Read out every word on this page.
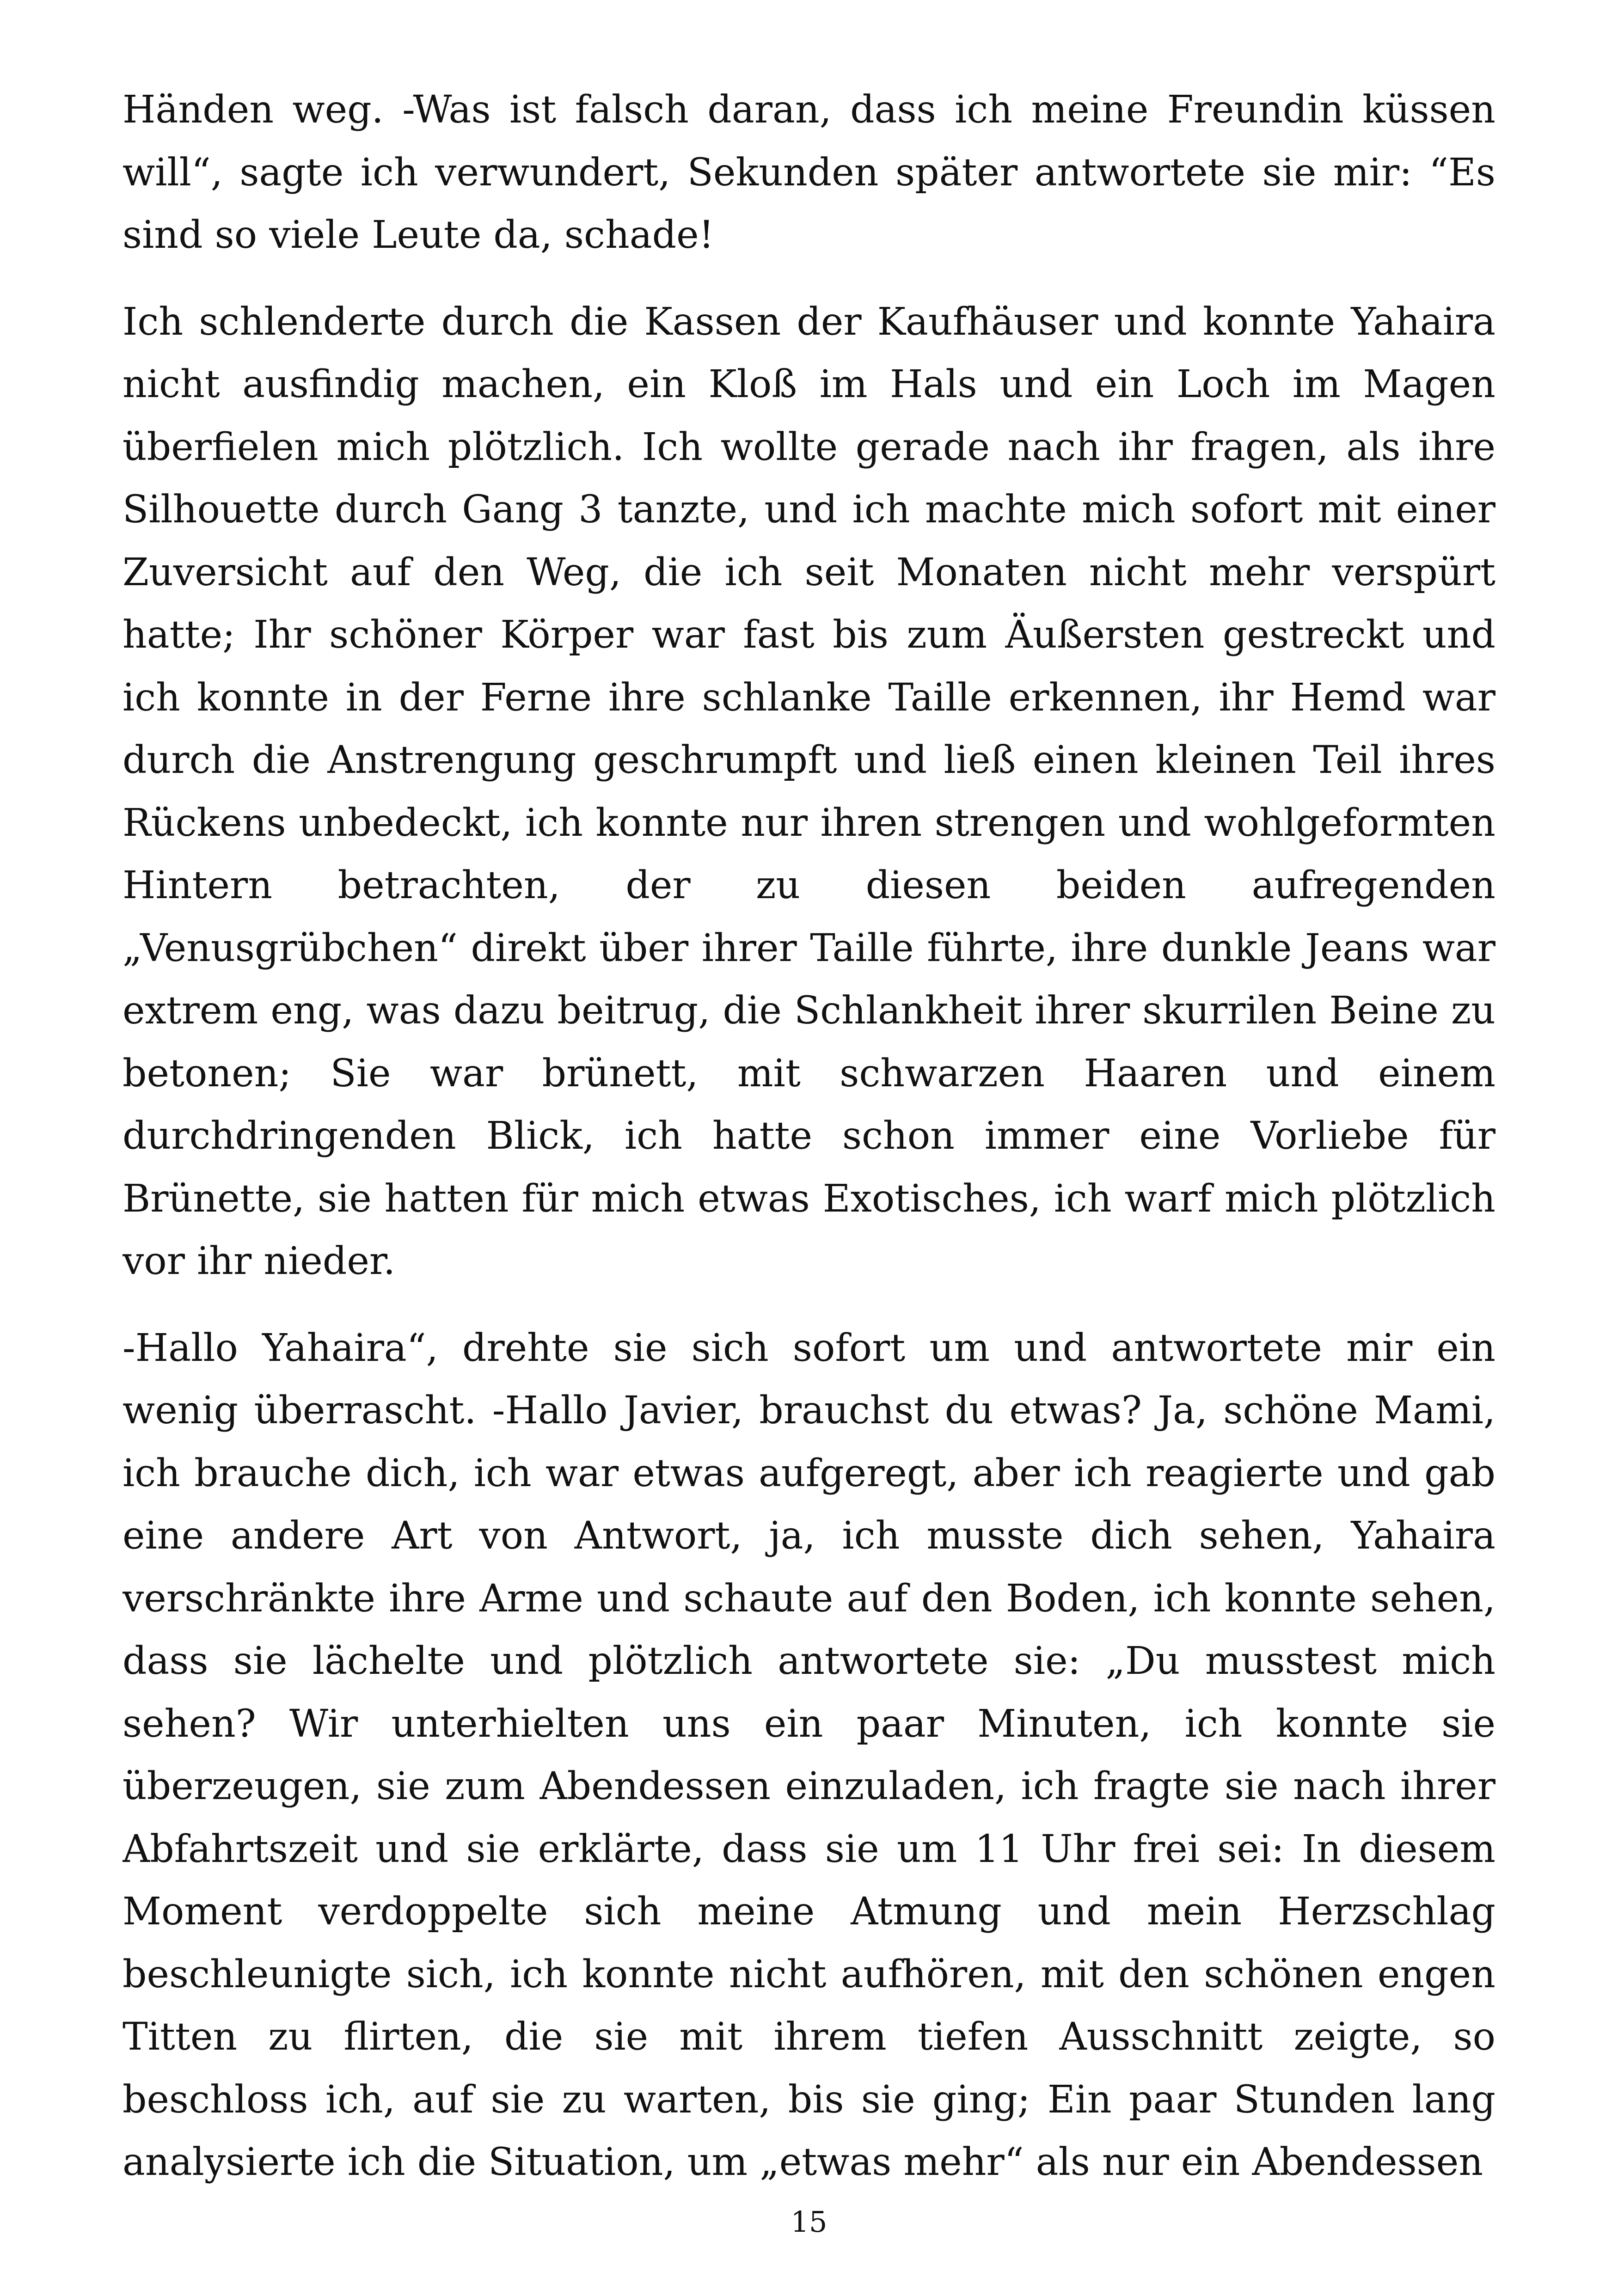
Händen weg. -Was ist falsch daran, dass ich meine Freundin küssen will“, sagte ich verwundert, Sekunden später antwortete sie mir: “Es sind so viele Leute da, schade!

Ich schlenderte durch die Kassen der Kaufhäuser und konnte Yahaira nicht ausfindig machen, ein Kloß im Hals und ein Loch im Magen überfielen mich plötzlich. Ich wollte gerade nach ihr fragen, als ihre Silhouette durch Gang 3 tanzte, und ich machte mich sofort mit einer Zuversicht auf den Weg, die ich seit Monaten nicht mehr verspürt hatte; Ihr schöner Körper war fast bis zum Äußersten gestreckt und ich konnte in der Ferne ihre schlanke Taille erkennen, ihr Hemd war durch die Anstrengung geschrumpft und ließ einen kleinen Teil ihres Rückens unbedeckt, ich konnte nur ihren strengen und wohlgeformten Hintern betrachten, der zu diesen beiden aufregenden „Venusgrübchen“ direkt über ihrer Taille führte, ihre dunkle Jeans war extrem eng, was dazu beitrug, die Schlankheit ihrer skurrilen Beine zu betonen; Sie war brünett, mit schwarzen Haaren und einem durchdringenden Blick, ich hatte schon immer eine Vorliebe für Brünette, sie hatten für mich etwas Exotisches, ich warf mich plötzlich vor ihr nieder.

-Hallo Yahaira“, drehte sie sich sofort um und antwortete mir ein wenig überrascht. -Hallo Javier, brauchst du etwas? Ja, schöne Mami, ich brauche dich, ich war etwas aufgeregt, aber ich reagierte und gab eine andere Art von Antwort, ja, ich musste dich sehen, Yahaira verschränkte ihre Arme und schaute auf den Boden, ich konnte sehen, dass sie lächelte und plötzlich antwortete sie: „Du musstest mich sehen? Wir unterhielten uns ein paar Minuten, ich konnte sie überzeugen, sie zum Abendessen einzuladen, ich fragte sie nach ihrer Abfahrtszeit und sie erklärte, dass sie um 11 Uhr frei sei: In diesem Moment verdoppelte sich meine Atmung und mein Herzschlag beschleunigte sich, ich konnte nicht aufhören, mit den schönen engen Titten zu flirten, die sie mit ihrem tiefen Ausschnitt zeigte, so beschloss ich, auf sie zu warten, bis sie ging; Ein paar Stunden lang analysierte ich die Situation, um „etwas mehr“ als nur ein Abendessen

15
